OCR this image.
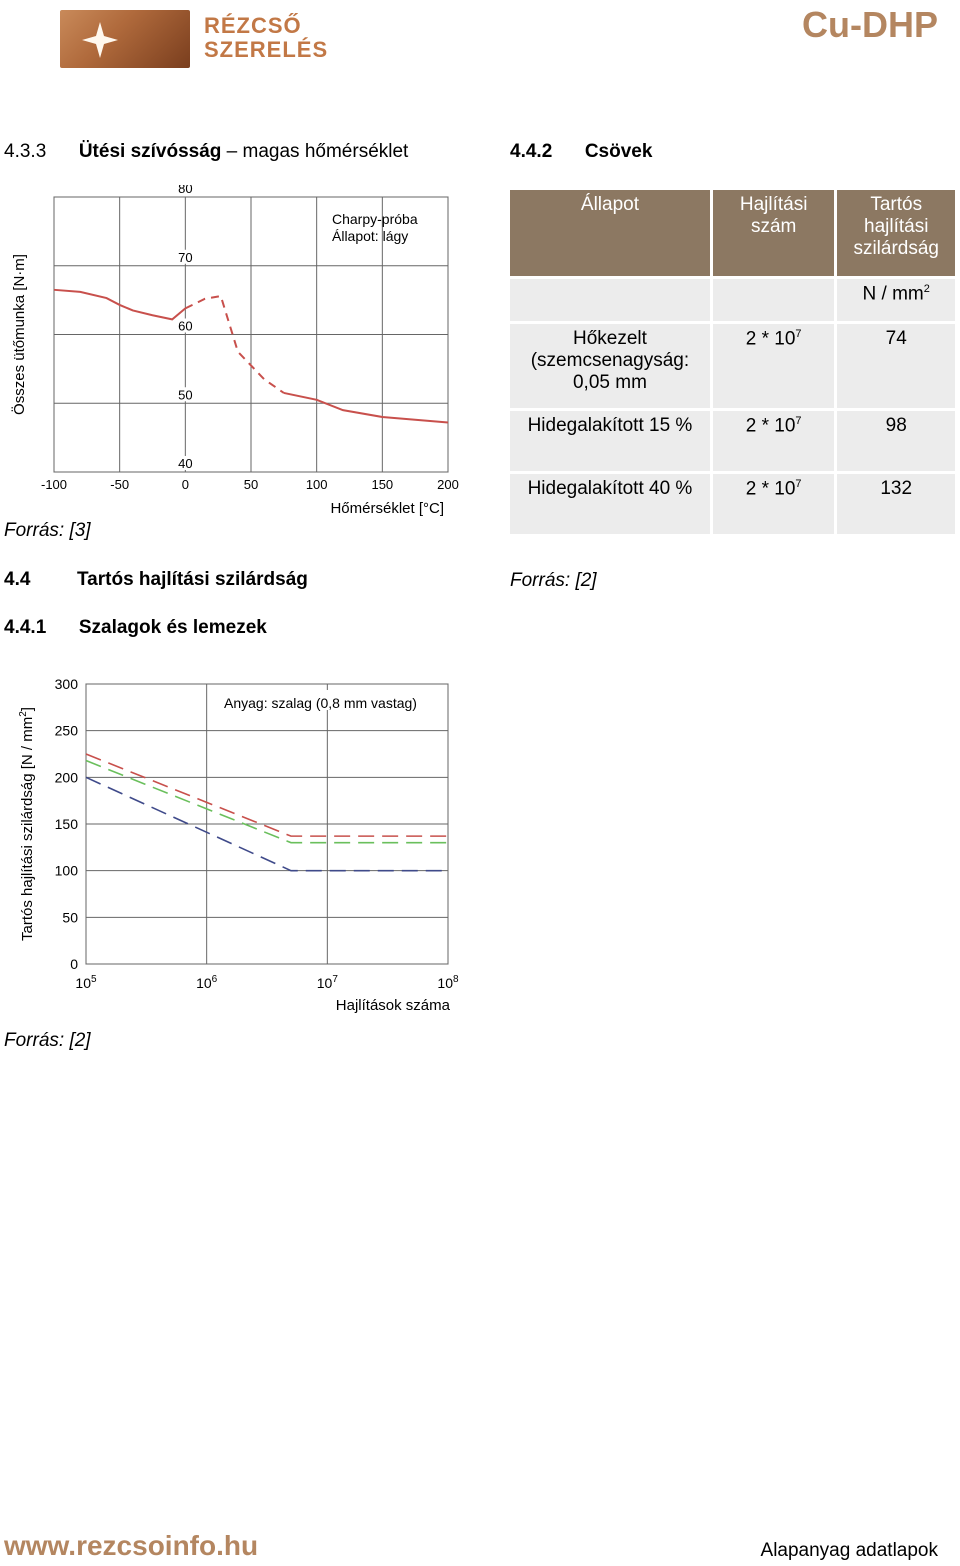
RÉZCSŐ
SZERELÉS
Cu-DHP
4.3.3 Ütési szívósság – magas hőmérséklet
-100	-50	0	50	100	150	200
40
50
60
70
80
Charpy-próba
Állapot: lágy
Hőmérséklet [°C]
Összes ütőmunka [N·m]
Forrás: [3]
4.4.2 Csövek
Állapot	Hajlítási szám	Tartós hajlítási szilárdság
		N / $mm^2$
Hőkezelt (szemcsenagyság: 0,05 mm	$2 * 10^7$	74
Hidegalakított 15 %	$2 * 10^7$	98
Hidegalakított 40 %	$2 * 10^7$	132
Forrás: [2]
4.4 Tartós hajlítási szilárdság
4.4.1 Szalagok és lemezek
0
50
100
150
200
250
300
$10^5$	$10^6$	$10^7$	$10^8$
Anyag: szalag (0,8 mm vastag)
Hajlítások száma
Tartós hajlítási szilárdság $[N / mm^2]$
Forrás: [2]
www.rezcsoinfo.hu	Alapanyag adatlapok
